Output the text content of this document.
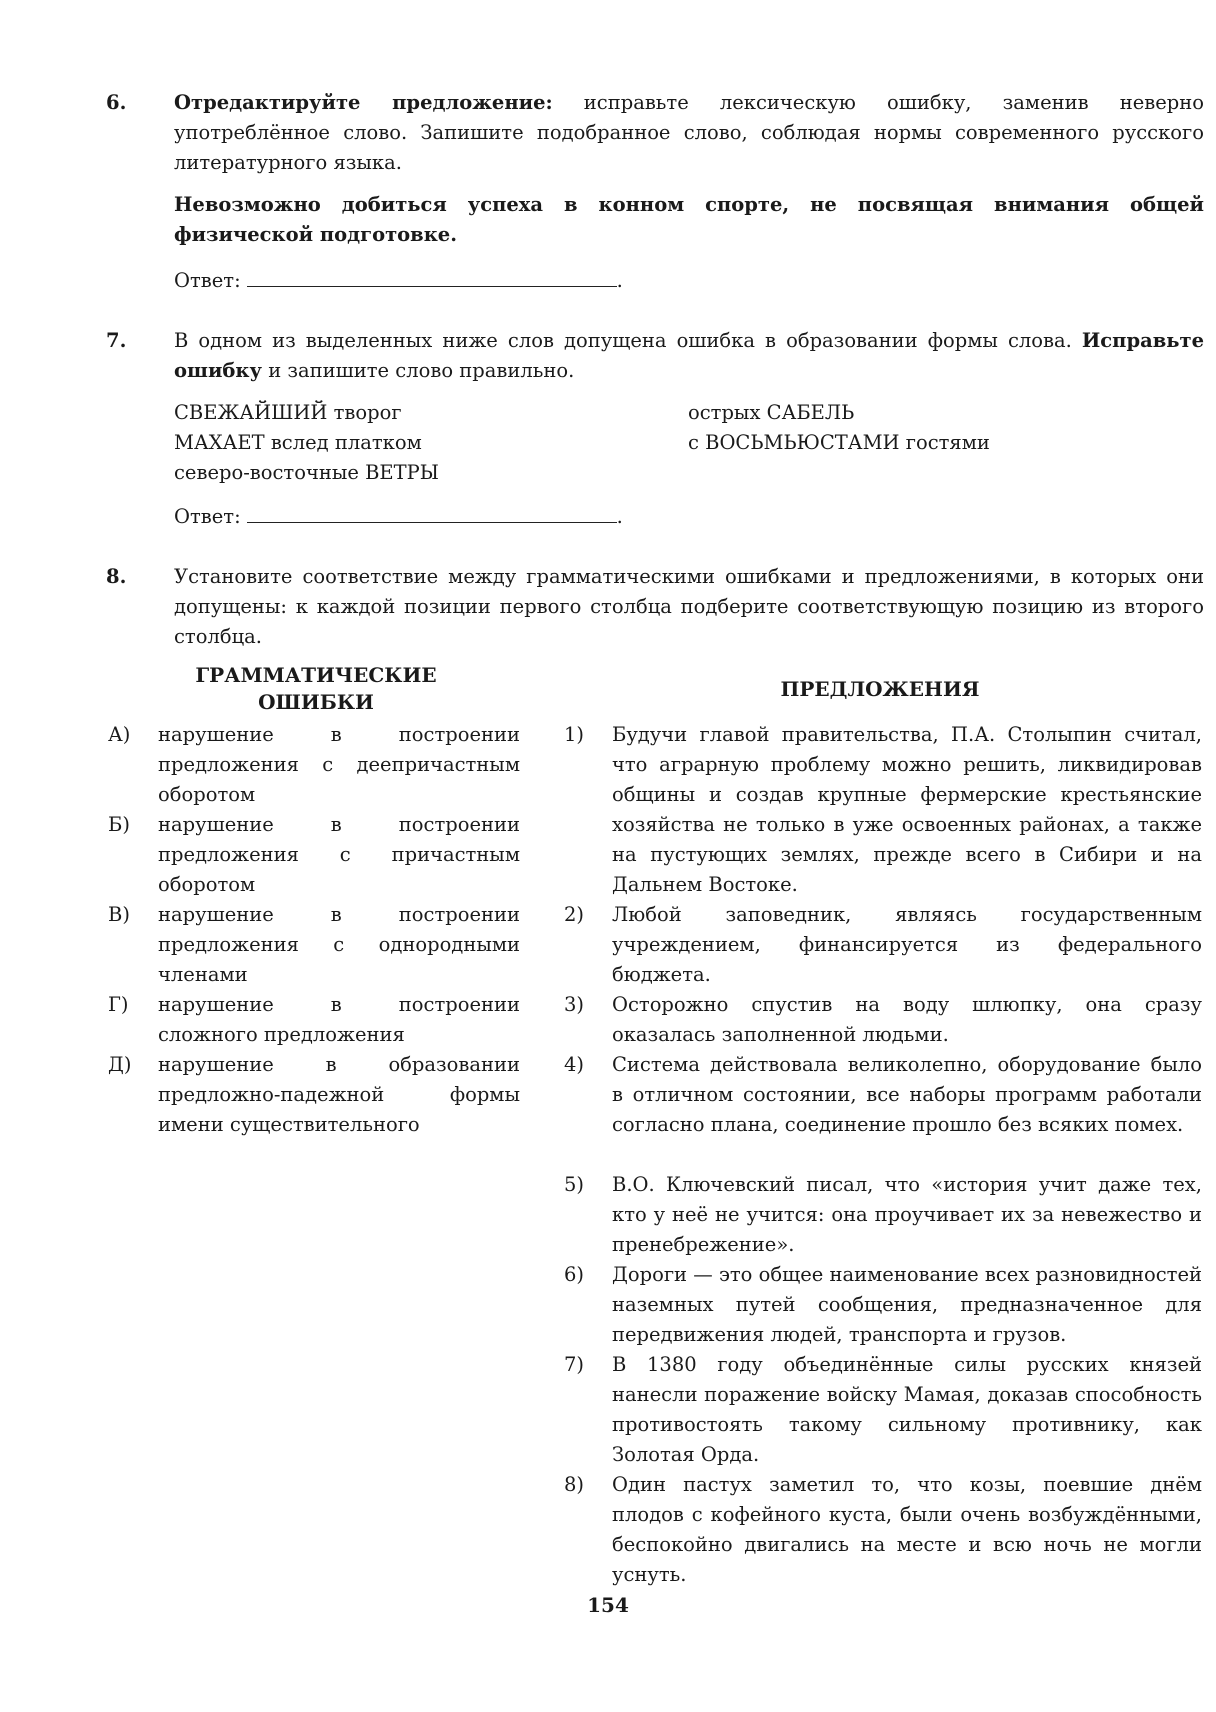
6. Отредактируйте предложение: исправьте лексическую ошибку, заменив неверно употреблённое слово. Запишите подобранное слово, соблюдая нормы современного русского литературного языка.
Невозможно добиться успеха в конном спорте, не посвящая внимания общей физической подготовке.
Ответ:	.
7. В одном из выделенных ниже слов допущена ошибка в образовании формы слова. Исправьте ошибку и запишите слово правильно.
СВЕЖАЙШИЙ творог
МАХАЕТ вслед платком
северо-восточные ВЕТРЫ
острых САБЕЛЬ
с ВОСЬМЬЮСТАМИ гостями
Ответ:	.
8. Установите соответствие между грамматическими ошибками и предложениями, в которых они допущены: к каждой позиции первого столбца подберите соответствующую позицию из второго столбца.
ГРАММАТИЧЕСКИЕ ОШИБКИ
ПРЕДЛОЖЕНИЯ
А) нарушение в построении предложения с деепричастным оборотом
Б) нарушение в построении предложения с причастным оборотом
В) нарушение в построении предложения с однородными членами
Г) нарушение в построении сложного предложения
Д) нарушение в образовании предложно-падежной формы имени существительного
1) Будучи главой правительства, П.А. Столыпин считал, что аграрную проблему можно решить, ликвидировав общины и создав крупные фермерские крестьянские хозяйства не только в уже освоенных районах, а также на пустующих землях, прежде всего в Сибири и на Дальнем Востоке.
2) Любой заповедник, являясь государственным учреждением, финансируется из федерального бюджета.
3) Осторожно спустив на воду шлюпку, она сразу оказалась заполненной людьми.
4) Система действовала великолепно, оборудование было в отличном состоянии, все наборы программ работали согласно плана, соединение прошло без всяких помех.
5) В.О. Ключевский писал, что «история учит даже тех, кто у неё не учится: она проучивает их за невежество и пренебрежение».
6) Дороги — это общее наименование всех разновидностей наземных путей сообщения, предназначенное для передвижения людей, транспорта и грузов.
7) В 1380 году объединённые силы русских князей нанесли поражение войску Мамая, доказав способность противостоять такому сильному противнику, как Золотая Орда.
8) Один пастух заметил то, что козы, поевшие днём плодов с кофейного куста, были очень возбуждёнными, беспокойно двигались на месте и всю ночь не могли уснуть.
154
